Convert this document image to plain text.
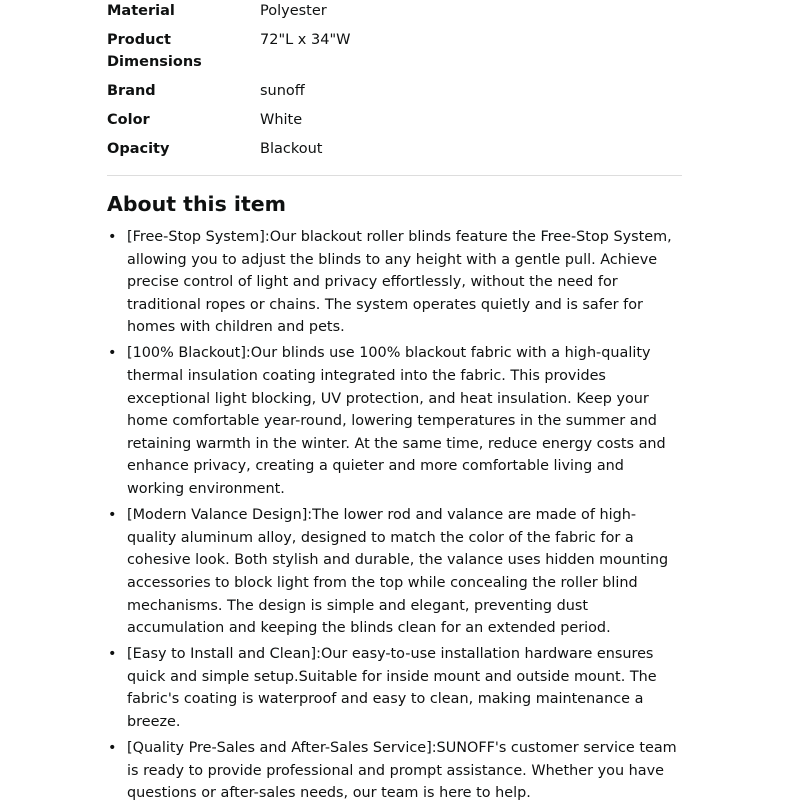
Material	Polyester
Product Dimensions	72"L x 34"W
Brand	sunoff
Color	White
Opacity	Blackout
About this item
• [Free-Stop System]:Our blackout roller blinds feature the Free-Stop System, allowing you to adjust the blinds to any height with a gentle pull. Achieve precise control of light and privacy effortlessly, without the need for traditional ropes or chains. The system operates quietly and is safer for homes with children and pets.
• [100% Blackout]:Our blinds use 100% blackout fabric with a high-quality thermal insulation coating integrated into the fabric. This provides exceptional light blocking, UV protection, and heat insulation. Keep your home comfortable year-round, lowering temperatures in the summer and retaining warmth in the winter. At the same time, reduce energy costs and enhance privacy, creating a quieter and more comfortable living and working environment.
• [Modern Valance Design]:The lower rod and valance are made of high-quality aluminum alloy, designed to match the color of the fabric for a cohesive look. Both stylish and durable, the valance uses hidden mounting accessories to block light from the top while concealing the roller blind mechanisms. The design is simple and elegant, preventing dust accumulation and keeping the blinds clean for an extended period.
• [Easy to Install and Clean]:Our easy-to-use installation hardware ensures quick and simple setup.Suitable for inside mount and outside mount. The fabric's coating is waterproof and easy to clean, making maintenance a breeze.
• [Quality Pre-Sales and After-Sales Service]:SUNOFF's customer service team is ready to provide professional and prompt assistance. Whether you have questions or after-sales needs, our team is here to help.
